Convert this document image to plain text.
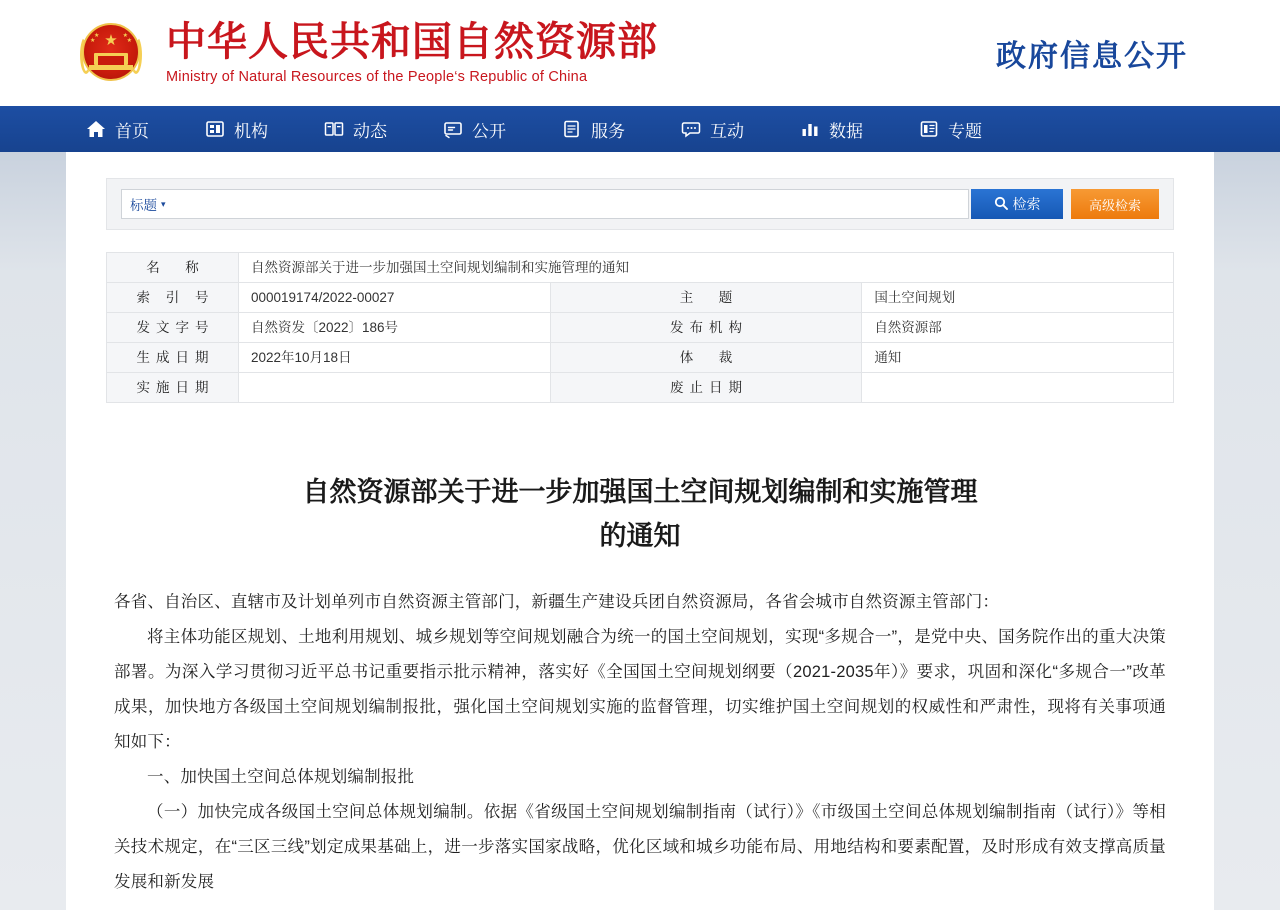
★
★
★
★
★ 中华人民共和国自然资源部
Ministry of Natural Resources of the People‘s Republic of China
政府信息公开
首页	机构	动态	公开	服务	互动	数据	专题
标题 ▾	检索	高级检索
名　称	自然资源部关于进一步加强国土空间规划编制和实施管理的通知		
索 引 号	000019174/2022-00027	主　题	国土空间规划
发文字号	自然资发〔2022〕186号	发布机构	自然资源部
生成日期	2022年10月18日	体　裁	通知
实施日期		废止日期	
自然资源部关于进一步加强国土空间规划编制和实施管理
的通知

各省、自治区、直辖市及计划单列市自然资源主管部门，新疆生产建设兵团自然资源局，各省会城市自然资源主管部门：

将主体功能区规划、土地利用规划、城乡规划等空间规划融合为统一的国土空间规划，实现“多规合一”，是党中央、国务院作出的重大决策部署。为深入学习贯彻习近平总书记重要指示批示精神，落实好《全国国土空间规划纲要（2021-2035年）》要求，巩固和深化“多规合一”改革成果，加快地方各级国土空间规划编制报批，强化国土空间规划实施的监督管理，切实维护国土空间规划的权威性和严肃性，现将有关事项通知如下：

一、加快国土空间总体规划编制报批

（一）加快完成各级国土空间总体规划编制。依据《省级国土空间规划编制指南（试行）》《市级国土空间总体规划编制指南（试行）》等相关技术规定，在“三区三线”划定成果基础上，进一步落实国家战略，优化区域和城乡功能布局、用地结构和要素配置，及时形成有效支撑高质量发展和新发展
